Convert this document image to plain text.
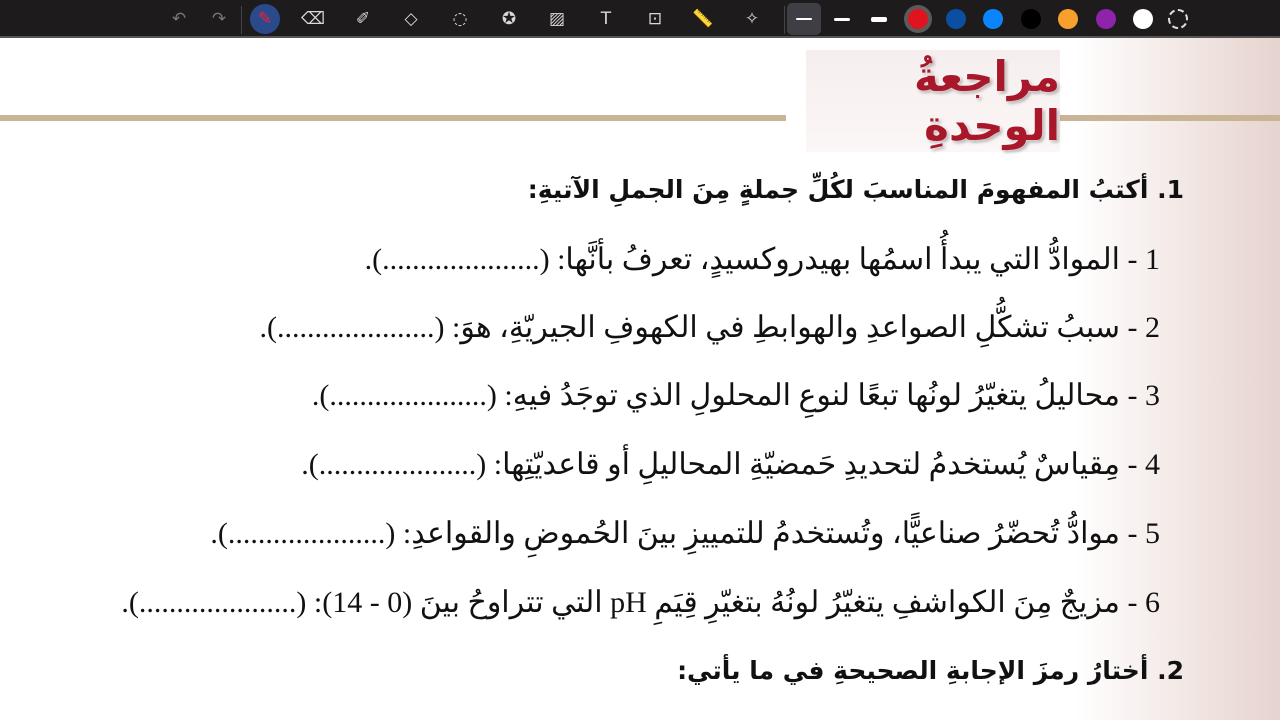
↶	↷	✎	⌫	✐	◇	◌	✪	▨	T	⊡	📏	✧
مراجعةُ الوحدةِ
1. أكتبُ المفهومَ المناسبَ لكُلِّ جملةٍ مِنَ الجملِ الآتيةِ:
1 - الموادُّ التي يبدأُ اسمُها بهيدروكسيدٍ، تعرفُ بأنَّها: (.....................).
2 - سببُ تشكُّلِ الصواعدِ والهوابطِ في الكهوفِ الجيريّةِ، هوَ: (.....................).
3 - محاليلُ يتغيّرُ لونُها تبعًا لنوعِ المحلولِ الذي توجَدُ فيهِ: (.....................).
4 - مِقياسٌ يُستخدمُ لتحديدِ حَمضيّةِ المحاليلِ أو قاعديّتِها: (.....................).
5 - موادُّ تُحضّرُ صناعيًّا، وتُستخدمُ للتمييزِ بينَ الحُموضِ والقواعدِ: (.....................).
6 - مزيجٌ مِنَ الكواشفِ يتغيّرُ لونُهُ بتغيّرِ قِيَمِ pH التي تتراوحُ بينَ (0 - 14): (.....................).
2. أختارُ رمزَ الإجابةِ الصحيحةِ في ما يأتي:
